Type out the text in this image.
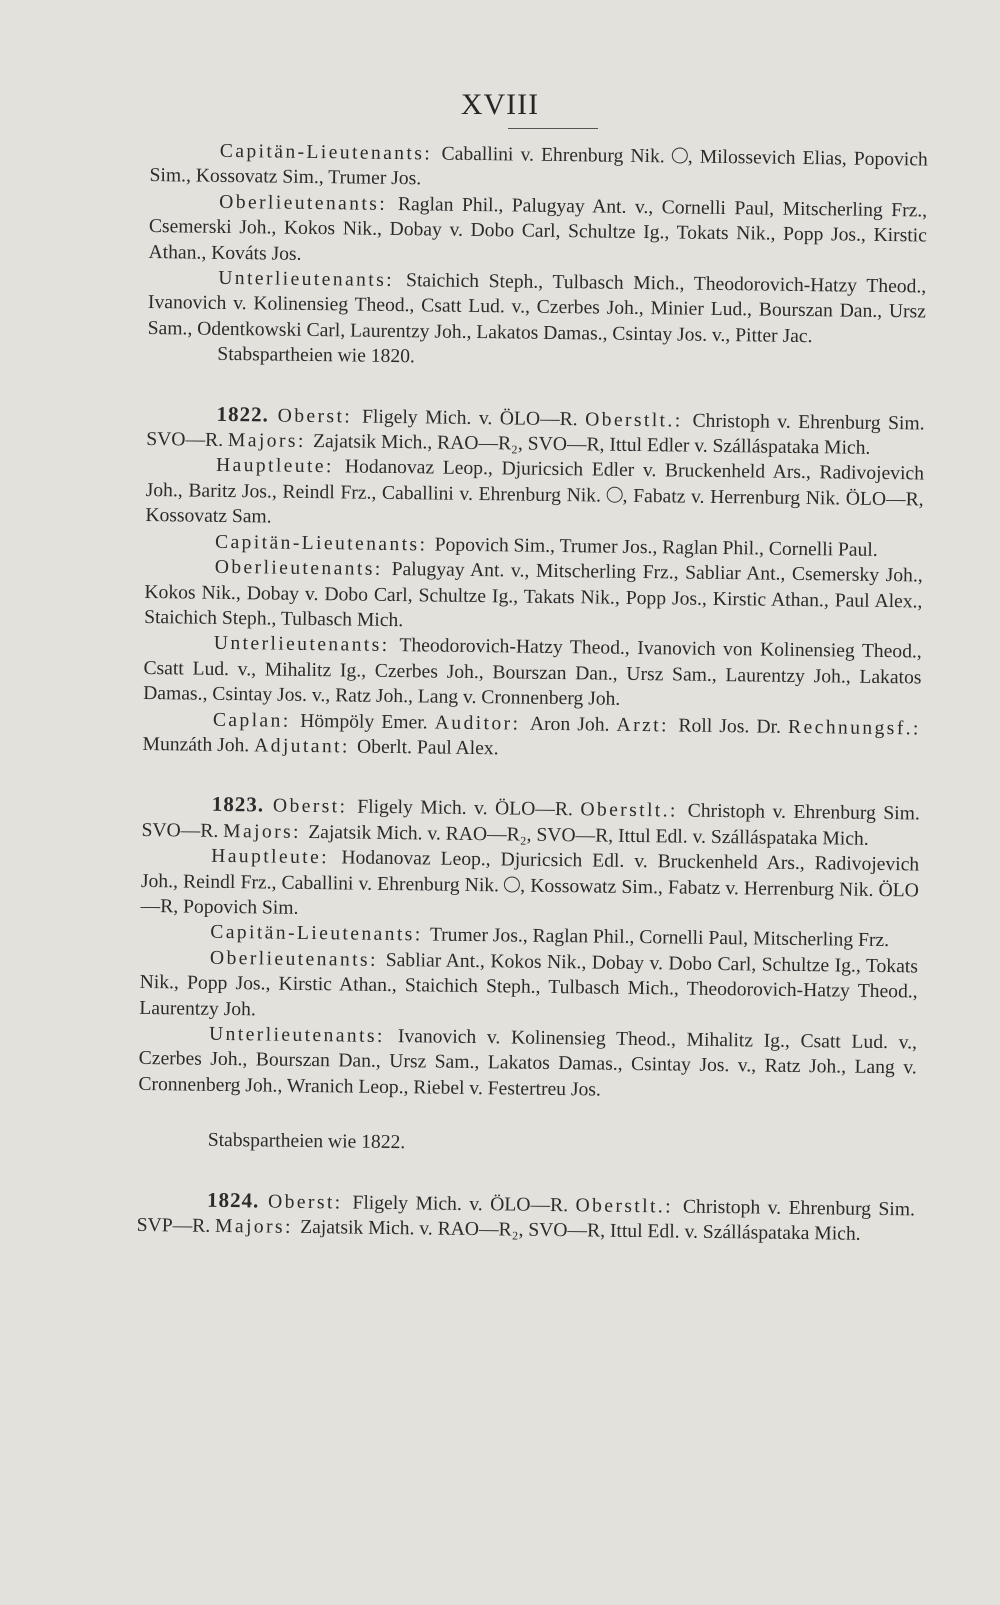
XVIII

Capitän-Lieutenants: Caballini v. Ehrenburg Nik. , Milossevich Elias, Popovich Sim., Kossovatz Sim., Trumer Jos.

Oberlieutenants: Raglan Phil., Palugyay Ant. v., Cornelli Paul, Mitscherling Frz., Csemerski Joh., Kokos Nik., Dobay v. Dobo Carl, Schultze Ig., Tokats Nik., Popp Jos., Kirstic Athan., Kováts Jos.

Unterlieutenants: Staichich Steph., Tulbasch Mich., Theodorovich-Hatzy Theod., Ivanovich v. Kolinensieg Theod., Csatt Lud. v., Czerbes Joh., Minier Lud., Bourszan Dan., Ursz Sam., Odentkowski Carl, Laurentzy Joh., Lakatos Damas., Csintay Jos. v., Pitter Jac.

Stabspartheien wie 1820.

1822. Oberst: Fligely Mich. v. ÖLO—R. Oberstlt.: Christoph v. Ehrenburg Sim. SVO—R. Majors: Zajatsik Mich., RAO—R₂, SVO—R, Ittul Edler v. Szálláspataka Mich.

Hauptleute: Hodanovaz Leop., Djuricsich Edler v. Bruckenheld Ars., Radivojevich Joh., Baritz Jos., Reindl Frz., Caballini v. Ehrenburg Nik. , Fabatz v. Herrenburg Nik. ÖLO—R, Kossovatz Sam.

Capitän-Lieutenants: Popovich Sim., Trumer Jos., Raglan Phil., Cornelli Paul.

Oberlieutenants: Palugyay Ant. v., Mitscherling Frz., Sabliar Ant., Csemersky Joh., Kokos Nik., Dobay v. Dobo Carl, Schultze Ig., Takats Nik., Popp Jos., Kirstic Athan., Paul Alex., Staichich Steph., Tulbasch Mich.

Unterlieutenants: Theodorovich-Hatzy Theod., Ivanovich von Kolinensieg Theod., Csatt Lud. v., Mihalitz Ig., Czerbes Joh., Bourszan Dan., Ursz Sam., Laurentzy Joh., Lakatos Damas., Csintay Jos. v., Ratz Joh., Lang v. Cronnenberg Joh.

Caplan: Hömpöly Emer. Auditor: Aron Joh. Arzt: Roll Jos. Dr. Rechnungsf.: Munzáth Joh. Adjutant: Oberlt. Paul Alex.

1823. Oberst: Fligely Mich. v. ÖLO—R. Oberstlt.: Christoph v. Ehrenburg Sim. SVO—R. Majors: Zajatsik Mich. v. RAO—R₂, SVO—R, Ittul Edl. v. Szálláspataka Mich.

Hauptleute: Hodanovaz Leop., Djuricsich Edl. v. Bruckenheld Ars., Radivojevich Joh., Reindl Frz., Caballini v. Ehrenburg Nik. , Kossowatz Sim., Fabatz v. Herrenburg Nik. ÖLO—R, Popovich Sim.

Capitän-Lieutenants: Trumer Jos., Raglan Phil., Cornelli Paul, Mitscherling Frz.

Oberlieutenants: Sabliar Ant., Kokos Nik., Dobay v. Dobo Carl, Schultze Ig., Tokats Nik., Popp Jos., Kirstic Athan., Staichich Steph., Tulbasch Mich., Theodorovich-Hatzy Theod., Laurentzy Joh.

Unterlieutenants: Ivanovich v. Kolinensieg Theod., Mihalitz Ig., Csatt Lud. v., Czerbes Joh., Bourszan Dan., Ursz Sam., Lakatos Damas., Csintay Jos. v., Ratz Joh., Lang v. Cronnenberg Joh., Wranich Leop., Riebel v. Festertreu Jos.

Stabspartheien wie 1822.

1824. Oberst: Fligely Mich. v. ÖLO—R. Oberstlt.: Christoph v. Ehrenburg Sim. SVP—R. Majors: Zajatsik Mich. v. RAO—R₂, SVO—R, Ittul Edl. v. Szálláspataka Mich.
